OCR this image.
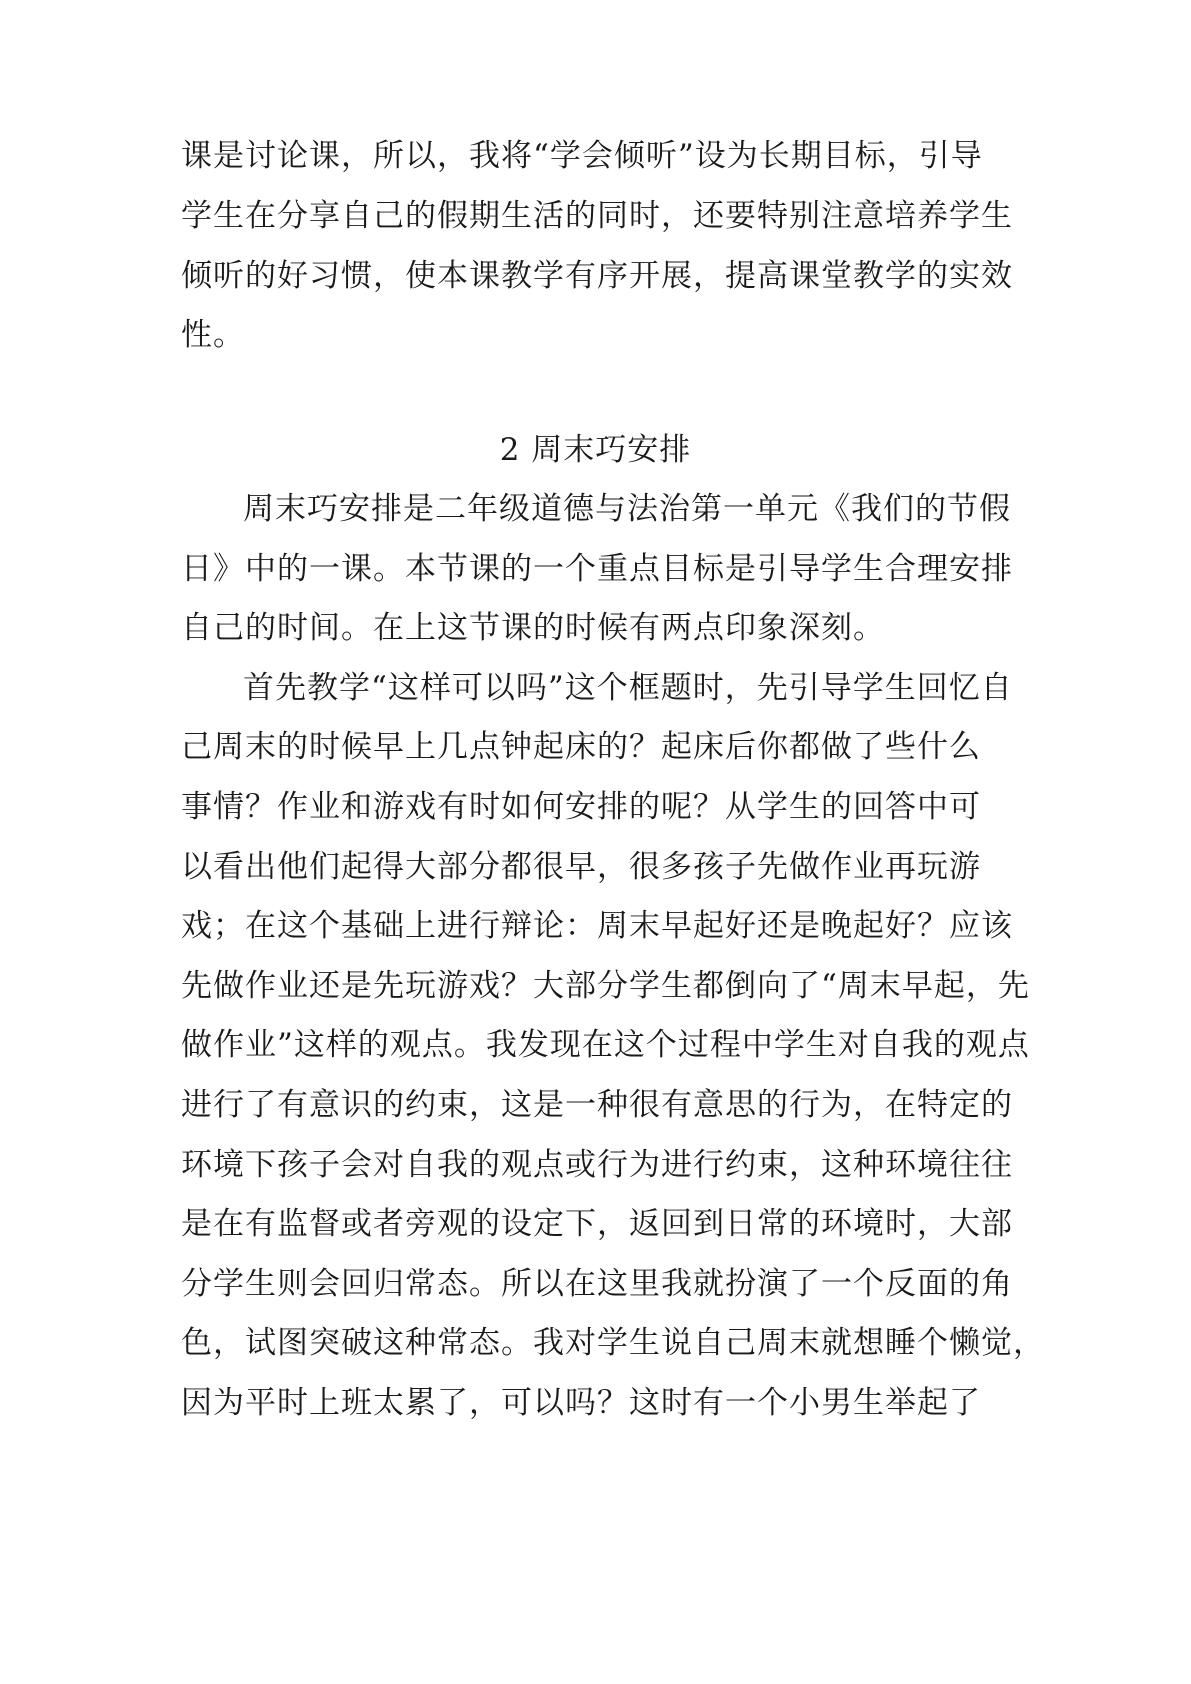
课是讨论课，所以，我将“学会倾听”设为长期目标，引导
学生在分享自己的假期生活的同时，还要特别注意培养学生
倾听的好习惯，使本课教学有序开展，提高课堂教学的实效
性。
2 周末巧安排
周末巧安排是二年级道德与法治第一单元《我们的节假
日》中的一课。本节课的一个重点目标是引导学生合理安排
自己的时间。在上这节课的时候有两点印象深刻。
首先教学“这样可以吗”这个框题时，先引导学生回忆自
己周末的时候早上几点钟起床的？起床后你都做了些什么
事情？作业和游戏有时如何安排的呢？从学生的回答中可
以看出他们起得大部分都很早，很多孩子先做作业再玩游
戏；在这个基础上进行辩论：周末早起好还是晚起好？应该
先做作业还是先玩游戏？大部分学生都倒向了“周末早起，先
做作业”这样的观点。我发现在这个过程中学生对自我的观点
进行了有意识的约束，这是一种很有意思的行为，在特定的
环境下孩子会对自我的观点或行为进行约束，这种环境往往
是在有监督或者旁观的设定下，返回到日常的环境时，大部
分学生则会回归常态。所以在这里我就扮演了一个反面的角
色，试图突破这种常态。我对学生说自己周末就想睡个懒觉，
因为平时上班太累了，可以吗？这时有一个小男生举起了
